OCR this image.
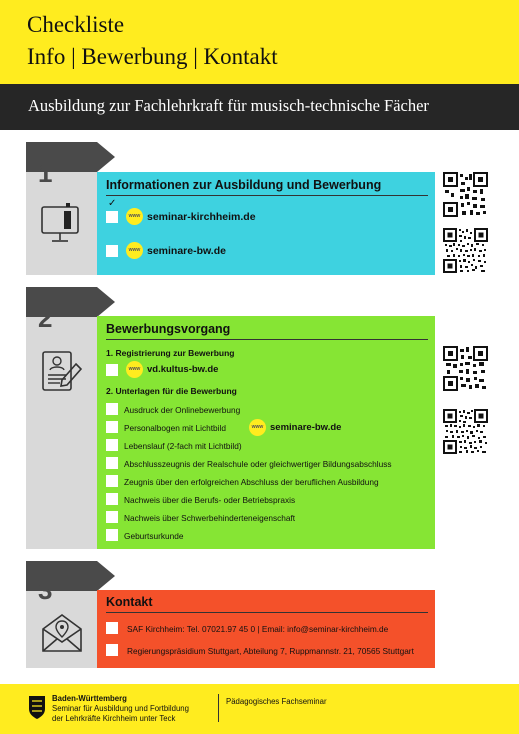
Checkliste
Info | Bewerbung | Kontakt
Ausbildung zur Fachlehrkraft für musisch-technische Fächer
1	Informationen zur Ausbildung und Bewerbung
✓
www seminar-kirchheim.de
www seminare-bw.de
2	Bewerbungsvorgang
1. Registrierung zur Bewerbung
www vd.kultus-bw.de
2. Unterlagen für die Bewerbung
Ausdruck der Onlinebewerbung
Personalbogen mit Lichtbild	www seminare-bw.de
Lebenslauf (2-fach mit Lichtbild)
Abschlusszeugnis der Realschule oder gleichwertiger Bildungsabschluss
Zeugnis über den erfolgreichen Abschluss der beruflichen Ausbildung
Nachweis über die Berufs- oder Betriebspraxis
Nachweis über Schwerbehinderteneigenschaft
Geburtsurkunde
3	Kontakt
SAF Kirchheim: Tel. 07021.97 45 0 | Email: info@seminar-kirchheim.de
Regierungspräsidium Stuttgart, Abteilung 7, Ruppmannstr. 21, 70565 Stuttgart
Baden-Württemberg
Seminar für Ausbildung und Fortbildung
der Lehrkräfte Kirchheim unter Teck
Pädagogisches Fachseminar
